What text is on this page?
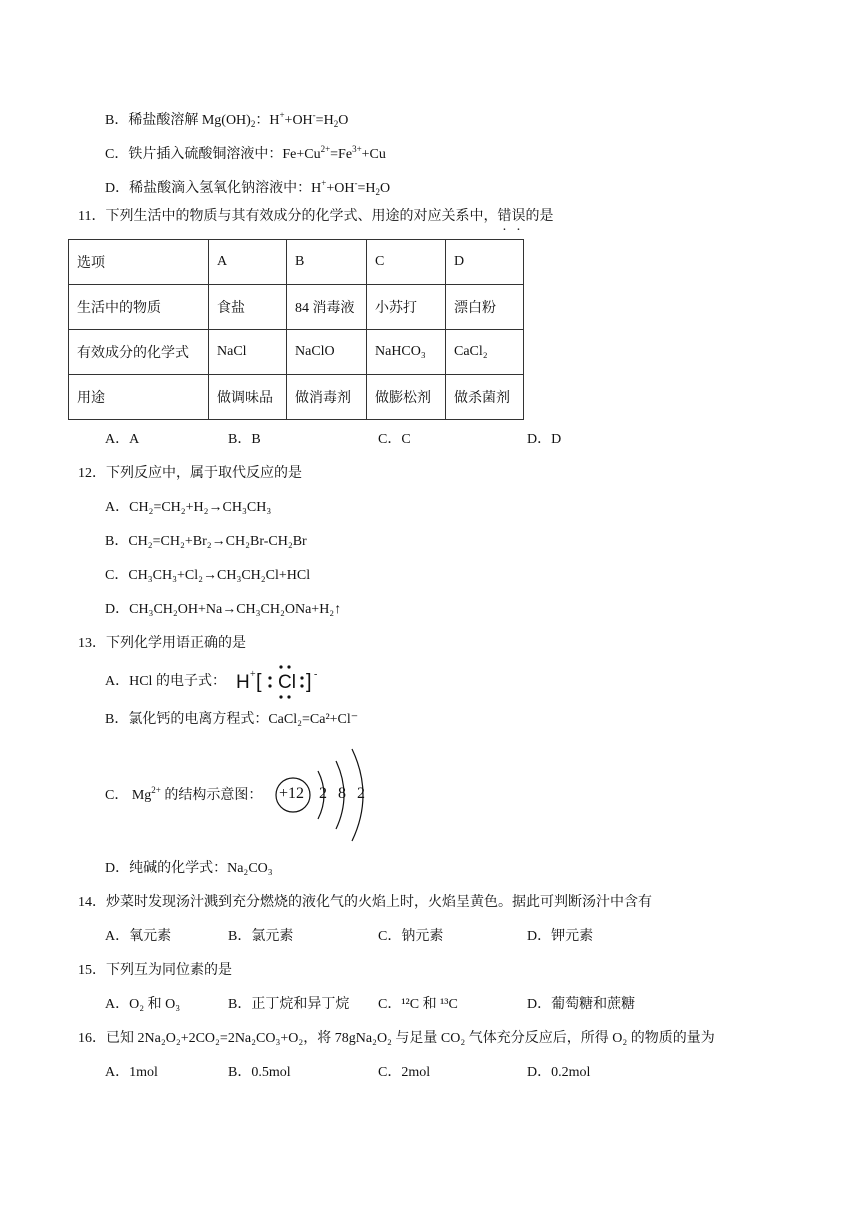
B．稀盐酸溶解 $Mg(OH)_2$：$H^++OH^-=H_2O$
C．铁片插入硫酸铜溶液中：$Fe+Cu^{2+}=Fe^{3+}+Cu$
D．稀盐酸滴入氢氧化钠溶液中：$H^++OH^-=H_2O$
11．下列生活中的物质与其有效成分的化学式、用途的对应关系中，错误的是
选项	A	B	C	D
生活中的物质	食盐	84 消毒液	小苏打	漂白粉
有效成分的化学式	NaCl	NaClO	NaHCO₃	CaCl₂
用途	做调味品	做消毒剂	做膨松剂	做杀菌剂
A．A	B．B	C．C	D．D
12．下列反应中，属于取代反应的是
A．CH₂=CH₂+H₂→CH₃CH₃
B．CH₂=CH₂+Br₂→CH₂Br-CH₂Br
C．CH₃CH₃+Cl₂→CH₃CH₂Cl+HCl
D．CH₃CH₂OH+Na→CH₃CH₂ONa+H₂↑
13．下列化学用语正确的是
A．HCl 的电子式： H + [ Cl ] -
B．氯化钙的电离方程式：CaCl₂=Ca²+Cl⁻
C． $Mg^{2+}$ 的结构示意图： +12 2 8 2
D．纯碱的化学式：Na₂CO₃
14．炒菜时发现汤汁溅到充分燃烧的液化气的火焰上时，火焰呈黄色。据此可判断汤汁中含有
A．氧元素	B．氯元素	C．钠元素	D．钾元素
15．下列互为同位素的是
A．O₂ 和 O₃	B．正丁烷和异丁烷 C．¹²C 和 ¹³C	D．葡萄糖和蔗糖
16．已知 2Na₂O₂+2CO₂=2Na₂CO₃+O₂，将 78gNa₂O₂ 与足量 CO₂ 气体充分反应后，所得 O₂ 的物质的量为
A．1mol	B．0.5mol	C．2mol	D．0.2mol
